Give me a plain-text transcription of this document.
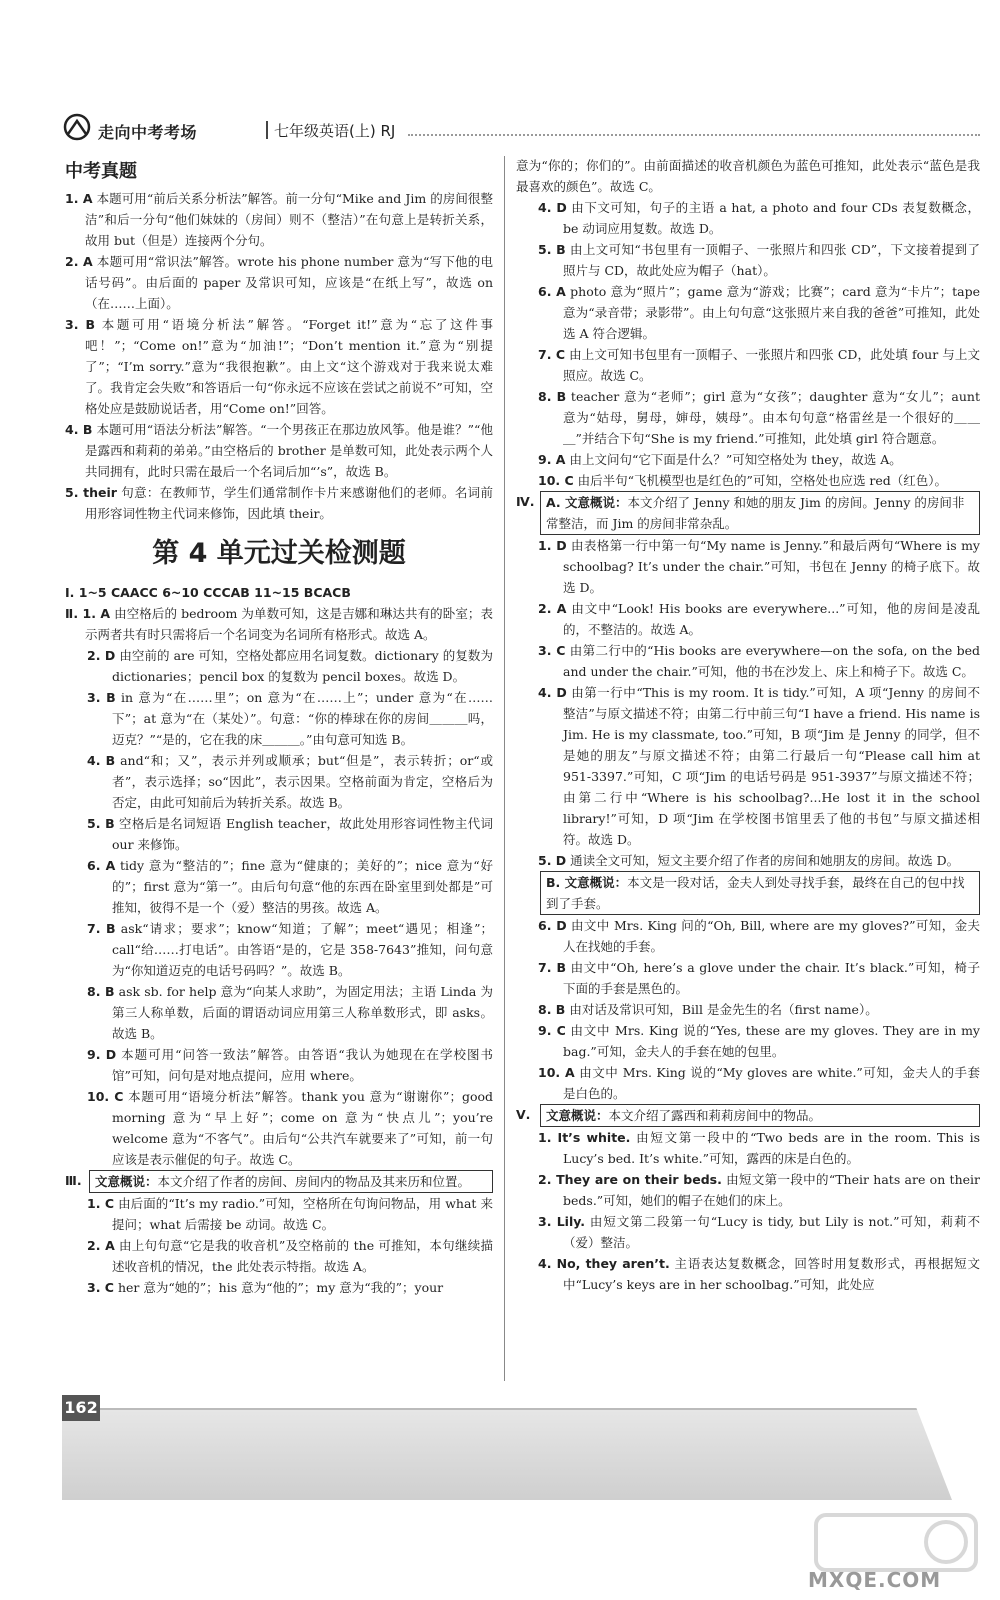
走向中考考场	七年级英语(上) RJ
中考真题
1. A 本题可用“前后关系分析法”解答。前一分句“Mike and Jim 的房间很整洁”和后一分句“他们妹妹的（房间）则不（整洁）”在句意上是转折关系，故用 but（但是）连接两个分句。
2. A 本题可用“常识法”解答。wrote his phone number 意为“写下他的电话号码”。由后面的 paper 及常识可知，应该是“在纸上写”，故选 on（在……上面）。
3. B 本题可用“语境分析法”解答。“Forget it!”意为“忘了这件事吧！”；“Come on!”意为“加油!”；“Don’t mention it.”意为“别提了”；“I’m sorry.”意为“我很抱歉”。由上文“这个游戏对于我来说太难了。我肯定会失败”和答语后一句“你永远不应该在尝试之前说不”可知，空格处应是鼓励说话者，用“Come on!”回答。
4. B 本题可用“语法分析法”解答。“一个男孩正在那边放风筝。他是谁？”“他是露西和莉莉的弟弟。”由空格后的 brother 是单数可知，此处表示两个人共同拥有，此时只需在最后一个名词后加“’s”，故选 B。
5. their 句意：在教师节，学生们通常制作卡片来感谢他们的老师。名词前用形容词性物主代词来修饰，因此填 their。
第 4 单元过关检测题
Ⅰ. 1~5 CAACC 6~10 CCCAB 11~15 BCACB
Ⅱ. 1. A 由空格后的 bedroom 为单数可知，这是吉娜和琳达共有的卧室；表示两者共有时只需将后一个名词变为名词所有格形式。故选 A。
2. D 由空前的 are 可知，空格处都应用名词复数。dictionary 的复数为 dictionaries；pencil box 的复数为 pencil boxes。故选 D。
3. B in 意为“在……里”；on 意为“在……上”；under 意为“在……下”；at 意为“在（某处）”。句意：“你的棒球在你的房间＿＿＿吗，迈克？”“是的，它在我的床＿＿＿。”由句意可知选 B。
4. B and“和；又”，表示并列或顺承；but“但是”，表示转折；or“或者”，表示选择；so“因此”，表示因果。空格前面为肯定，空格后为否定，由此可知前后为转折关系。故选 B。
5. B 空格后是名词短语 English teacher，故此处用形容词性物主代词 our 来修饰。
6. A tidy 意为“整洁的”；fine 意为“健康的；美好的”；nice 意为“好的”；first 意为“第一”。由后句句意“他的东西在卧室里到处都是”可推知，彼得不是一个（爱）整洁的男孩。故选 A。
7. B ask“请求；要求”；know“知道；了解”；meet“遇见；相逢”；call“给……打电话”。由答语“是的，它是 358-7643”推知，问句意为“你知道迈克的电话号码吗？”。故选 B。
8. B ask sb. for help 意为“向某人求助”，为固定用法；主语 Linda 为第三人称单数，后面的谓语动词应用第三人称单数形式，即 asks。故选 B。
9. D 本题可用“问答一致法”解答。由答语“我认为她现在在学校图书馆”可知，问句是对地点提问，应用 where。
10. C 本题可用“语境分析法”解答。thank you 意为“谢谢你”；good morning 意为“早上好”；come on 意为“快点儿”；you’re welcome 意为“不客气”。由后句“公共汽车就要来了”可知，前一句应该是表示催促的句子。故选 C。
Ⅲ.	文意概说：本文介绍了作者的房间、房间内的物品及其来历和位置。
1. C 由后面的“It’s my radio.”可知，空格所在句询问物品，用 what 来提问；what 后需接 be 动词。故选 C。
2. A 由上句句意“它是我的收音机”及空格前的 the 可推知，本句继续描述收音机的情况，the 此处表示特指。故选 A。
3. C her 意为“她的”；his 意为“他的”；my 意为“我的”；your
意为“你的；你们的”。由前面描述的收音机颜色为蓝色可推知，此处表示“蓝色是我最喜欢的颜色”。故选 C。
4. D 由下文可知，句子的主语 a hat, a photo and four CDs 表复数概念，be 动词应用复数。故选 D。
5. B 由上文可知“书包里有一顶帽子、一张照片和四张 CD”，下文接着提到了照片与 CD，故此处应为帽子（hat）。
6. A photo 意为“照片”；game 意为“游戏；比赛”；card 意为“卡片”；tape 意为“录音带；录影带”。由上句句意“这张照片来自我的爸爸”可推知，此处选 A 符合逻辑。
7. C 由上文可知书包里有一顶帽子、一张照片和四张 CD，此处填 four 与上文照应。故选 C。
8. B teacher 意为“老师”；girl 意为“女孩”；daughter 意为“女儿”；aunt 意为“姑母，舅母，婶母，姨母”。由本句句意“格雷丝是一个很好的＿＿＿”并结合下句“She is my friend.”可推知，此处填 girl 符合题意。
9. A 由上文问句“它下面是什么？”可知空格处为 they，故选 A。
10. C 由后半句“飞机模型也是红色的”可知，空格处也应选 red（红色）。
Ⅳ. A. 文意概说：本文介绍了 Jenny 和她的朋友 Jim 的房间。Jenny 的房间非常整洁，而 Jim 的房间非常杂乱。
1. D 由表格第一行中第一句“My name is Jenny.”和最后两句“Where is my schoolbag? It’s under the chair.”可知，书包在 Jenny 的椅子底下。故选 D。
2. A 由文中“Look! His books are everywhere...”可知，他的房间是凌乱的，不整洁的。故选 A。
3. C 由第二行中的“His books are everywhere—on the sofa, on the bed and under the chair.”可知，他的书在沙发上、床上和椅子下。故选 C。
4. D 由第一行中“This is my room. It is tidy.”可知，A 项“Jenny 的房间不整洁”与原文描述不符；由第二行中前三句“I have a friend. His name is Jim. He is my classmate, too.”可知，B 项“Jim 是 Jenny 的同学，但不是她的朋友”与原文描述不符；由第二行最后一句“Please call him at 951-3397.”可知，C 项“Jim 的电话号码是 951-3937”与原文描述不符；由第二行中“Where is his schoolbag?...He lost it in the school library!”可知，D 项“Jim 在学校图书馆里丢了他的书包”与原文描述相符。故选 D。
5. D 通读全文可知，短文主要介绍了作者的房间和她朋友的房间。故选 D。
B. 文意概说：本文是一段对话，金夫人到处寻找手套，最终在自己的包中找到了手套。
6. D 由文中 Mrs. King 问的“Oh, Bill, where are my gloves?”可知，金夫人在找她的手套。
7. B 由文中“Oh, here’s a glove under the chair. It’s black.”可知，椅子下面的手套是黑色的。
8. B 由对话及常识可知，Bill 是金先生的名（first name）。
9. C 由文中 Mrs. King 说的“Yes, these are my gloves. They are in my bag.”可知，金夫人的手套在她的包里。
10. A 由文中 Mrs. King 说的“My gloves are white.”可知，金夫人的手套是白色的。
Ⅴ.	文意概说：本文介绍了露西和莉莉房间中的物品。
1. It’s white. 由短文第一段中的“Two beds are in the room. This is Lucy’s bed. It’s white.”可知，露西的床是白色的。
2. They are on their beds. 由短文第一段中的“Their hats are on their beds.”可知，她们的帽子在她们的床上。
3. Lily. 由短文第二段第一句“Lucy is tidy, but Lily is not.”可知，莉莉不（爱）整洁。
4. No, they aren’t. 主语表达复数概念，回答时用复数形式，再根据短文中“Lucy’s keys are in her schoolbag.”可知，此处应
162
MXQE.COM
